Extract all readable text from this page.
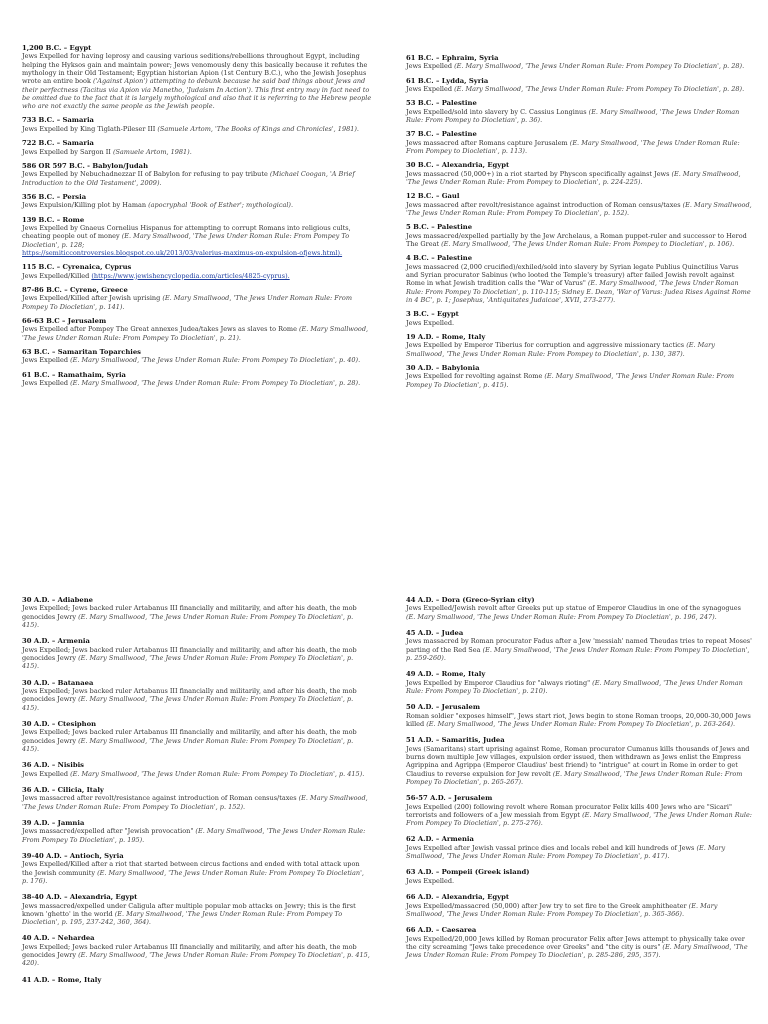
1,200 B.C. – Egypt
Jews Expelled for having leprosy and causing various seditions/rebellions throughout Egypt, including helping the Hyksos gain and maintain power; Jews venomously deny this basically because it refutes the mythology in their Old Testament; Egyptian historian Apion (1st Century B.C.), who the Jewish Josephus wrote an entire book ('Against Apion') attempting to debunk because he said bad things about Jews and their perfectness (Tacitus via Apion via Manetho, 'Judaism In Action'). This first entry may in fact need to be omitted due to the fact that it is largely mythological and also that it is referring to the Hebrew people who are not exactly the same people as the Jewish people.
733 B.C. – Samaria
Jews Expelled by King Tiglath-Pileser III (Samuele Artom, 'The Books of Kings and Chronicles', 1981).
722 B.C. – Samaria
Jews Expelled by Sargon II (Samuele Artom, 1981).
586 OR 597 B.C. - Babylon/Judah
Jews Expelled by Nebuchadnezzar II of Babylon for refusing to pay tribute (Michael Coogan, 'A Brief Introduction to the Old Testament', 2009).
356 B.C. – Persia
Jews Expulsion/Killing plot by Haman (apocryphal 'Book of Esther'; mythological).
139 B.C. – Rome
Jews Expelled by Gnaeus Cornelius Hispanus for attempting to corrupt Romans into religious cults, cheating people out of money (E. Mary Smallwood, 'The Jews Under Roman Rule: From Pompey To Diocletian', p. 128;
https://semiticcontroversies.blogspot.co.uk/2013/03/valerius-maximus-on-expulsion-ofjews.html).
115 B.C. – Cyrenaica, Cyprus
Jews Expelled/Killed (https://www.jewishencyclopedia.com/articles/4825-cyprus).
87-86 B.C. – Cyrene, Greece
Jews Expelled/Killed after Jewish uprising (E. Mary Smallwood, 'The Jews Under Roman Rule: From Pompey To Diocletian', p. 141).
66-63 B.C – Jerusalem
Jews Expelled after Pompey The Great annexes Judea/takes Jews as slaves to Rome (E. Mary Smallwood, 'The Jews Under Roman Rule: From Pompey To Diocletian', p. 21).
63 B.C. – Samaritan Toparchies
Jews Expelled (E. Mary Smallwood, 'The Jews Under Roman Rule: From Pompey To Diocletian', p. 40).
61 B.C. – Ramathaim, Syria
Jews Expelled (E. Mary Smallwood, 'The Jews Under Roman Rule: From Pompey To Diocletian', p. 28).
61 B.C. – Ephraim, Syria
Jews Expelled (E. Mary Smallwood, 'The Jews Under Roman Rule: From Pompey To Diocletian', p. 28).
61 B.C. – Lydda, Syria
Jews Expelled (E. Mary Smallwood, 'The Jews Under Roman Rule: From Pompey To Diocletian', p. 28).
53 B.C. – Palestine
Jews Expelled/sold into slavery by C. Cassius Longinus (E. Mary Smallwood, 'The Jews Under Roman Rule: From Pompey to Diocletian', p. 36).
37 B.C. – Palestine
Jews massacred after Romans capture Jerusalem (E. Mary Smallwood, 'The Jews Under Roman Rule: From Pompey to Diocletian', p. 113).
30 B.C. – Alexandria, Egypt
Jews massacred (50,000+) in a riot started by Physcon specifically against Jews (E. Mary Smallwood, 'The Jews Under Roman Rule: From Pompey to Diocletian', p. 224-225).
12 B.C. – Gaul
Jews massacred after revolt/resistance against introduction of Roman census/taxes (E. Mary Smallwood, 'The Jews Under Roman Rule: From Pompey To Diocletian', p. 152).
5 B.C. – Palestine
Jews massacred/expelled partially by the Jew Archelaus, a Roman puppet-ruler and successor to Herod The Great (E. Mary Smallwood, 'The Jews Under Roman Rule: From Pompey to Diocletian', p. 106).
4 B.C. – Palestine
Jews massacred (2,000 crucified)/exhiled/sold into slavery by Syrian legate Publius Quinctilius Varus and Syrian procurator Sabinus (who looted the Temple's treasury) after failed Jewish revolt against Rome in what Jewish tradition calls the "War of Varus" (E. Mary Smallwood, 'The Jews Under Roman Rule: From Pompey To Diocletian', p. 110-115; Sidney E. Dean, 'War of Varus: Judea Rises Against Rome in 4 BC', p. 1; Josephus, 'Antiquitates Judaicae', XVII, 273-277).
3 B.C. – Egypt
Jews Expelled.
19 A.D. – Rome, Italy
Jews Expelled by Emperor Tiberius for corruption and aggressive missionary tactics (E. Mary Smallwood, 'The Jews Under Roman Rule: From Pompey to Diocletian', p. 130, 387).
30 A.D. – Babylonia
Jews Expelled for revolting against Rome (E. Mary Smallwood, 'The Jews Under Roman Rule: From Pompey To Diocletian', p. 415).
30 A.D. – Adiabene
Jews Expelled; Jews backed ruler Artabanus III financially and militarily, and after his death, the mob genocides Jewry (E. Mary Smallwood, 'The Jews Under Roman Rule: From Pompey To Diocletian', p. 415).
30 A.D. – Armenia
Jews Expelled; Jews backed ruler Artabanus III financially and militarily, and after his death, the mob genocides Jewry (E. Mary Smallwood, 'The Jews Under Roman Rule: From Pompey To Diocletian', p. 415).
30 A.D. – Batanaea
Jews Expelled; Jews backed ruler Artabanus III financially and militarily, and after his death, the mob genocides Jewry (E. Mary Smallwood, 'The Jews Under Roman Rule: From Pompey To Diocletian', p. 415).
30 A.D. – Ctesiphon
Jews Expelled; Jews backed ruler Artabanus III financially and militarily, and after his death, the mob genocides Jewry (E. Mary Smallwood, 'The Jews Under Roman Rule: From Pompey To Diocletian', p. 415).
36 A.D. – Nisibis
Jews Expelled (E. Mary Smallwood, 'The Jews Under Roman Rule: From Pompey To Diocletian', p. 415).
36 A.D. – Cilicia, Italy
Jews massacred after revolt/resistance against introduction of Roman census/taxes (E. Mary Smallwood, 'The Jews Under Roman Rule: From Pompey To Diocletian', p. 152).
39 A.D. – Jamnia
Jews massacred/expelled after "Jewish provocation" (E. Mary Smallwood, 'The Jews Under Roman Rule: From Pompey To Diocletian', p. 195).
39-40 A.D. – Antioch, Syria
Jews Expelled/Killed after a riot that started between circus factions and ended with total attack upon the Jewish community (E. Mary Smallwood, 'The Jews Under Roman Rule: From Pompey To Diocletian', p. 176).
38-40 A.D. – Alexandria, Egypt
Jews massacred/expelled under Caligula after multiple popular mob attacks on Jewry; this is the first known 'ghetto' in the world (E. Mary Smallwood, 'The Jews Under Roman Rule: From Pompey To Diocletian', p. 195, 237-242, 360, 364).
40 A.D. – Nehardea
Jews Expelled; Jews backed ruler Artabanus III financially and militarily, and after his death, the mob genocides Jewry (E. Mary Smallwood, 'The Jews Under Roman Rule: From Pompey To Diocletian', p. 415, 420).
41 A.D. – Rome, Italy
44 A.D. – Dora (Greco-Syrian city)
Jews Expelled/Jewish revolt after Greeks put up statue of Emperor Claudius in one of the synagogues (E. Mary Smallwood, 'The Jews Under Roman Rule: From Pompey To Diocletian', p. 196, 247).
45 A.D. – Judea
Jews massacred by Roman procurator Fadus after a Jew 'messiah' named Theudas tries to repeat Moses' parting of the Red Sea (E. Mary Smallwood, 'The Jews Under Roman Rule: From Pompey To Diocletian', p. 259-260).
49 A.D. – Rome, Italy
Jews Expelled by Emperor Claudius for "always rioting" (E. Mary Smallwood, 'The Jews Under Roman Rule: From Pompey To Diocletian', p. 210).
50 A.D. – Jerusalem
Roman soldier "exposes himself", Jews start riot, Jews begin to stone Roman troops, 20,000-30,000 Jews killed (E. Mary Smallwood, 'The Jews Under Roman Rule: From Pompey To Diocletian', p. 263-264).
51 A.D. – Samaritis, Judea
Jews (Samaritans) start uprising against Rome, Roman procurator Cumanus kills thousands of Jews and burns down multiple Jew villages, expulsion order issued, then withdrawn as Jews enlist the Empress Agrippina and Agrippa (Emperor Claudius' best friend) to "intrigue" at court in Rome in order to get Claudius to reverse expulsion for Jew revolt (E. Mary Smallwood, 'The Jews Under Roman Rule: From Pompey To Diocletian', p. 265-267).
56-57 A.D. – Jerusalem
Jews Expelled (200) following revolt where Roman procurator Felix kills 400 Jews who are "Sicari" terrorists and followers of a Jew messiah from Egypt (E. Mary Smallwood, 'The Jews Under Roman Rule: From Pompey To Diocletian', p. 275-276).
62 A.D. – Armenia
Jews Expelled after Jewish vassal prince dies and locals rebel and kill hundreds of Jews (E. Mary Smallwood, 'The Jews Under Roman Rule: From Pompey To Diocletian', p. 417).
63 A.D. – Pompeii (Greek island)
Jews Expelled.
66 A.D. – Alexandria, Egypt
Jews Expelled/massacred (50,000) after Jew try to set fire to the Greek amphitheater (E. Mary Smallwood, 'The Jews Under Roman Rule: From Pompey To Diocletian', p. 365-366).
66 A.D. – Caesarea
Jews Expelled/20,000 Jews killed by Roman procurator Felix after Jews attempt to physically take over the city screaming "Jews take precedence over Greeks" and "the city is ours" (E. Mary Smallwood, 'The Jews Under Roman Rule: From Pompey To Diocletian', p. 285-286, 295, 357).
